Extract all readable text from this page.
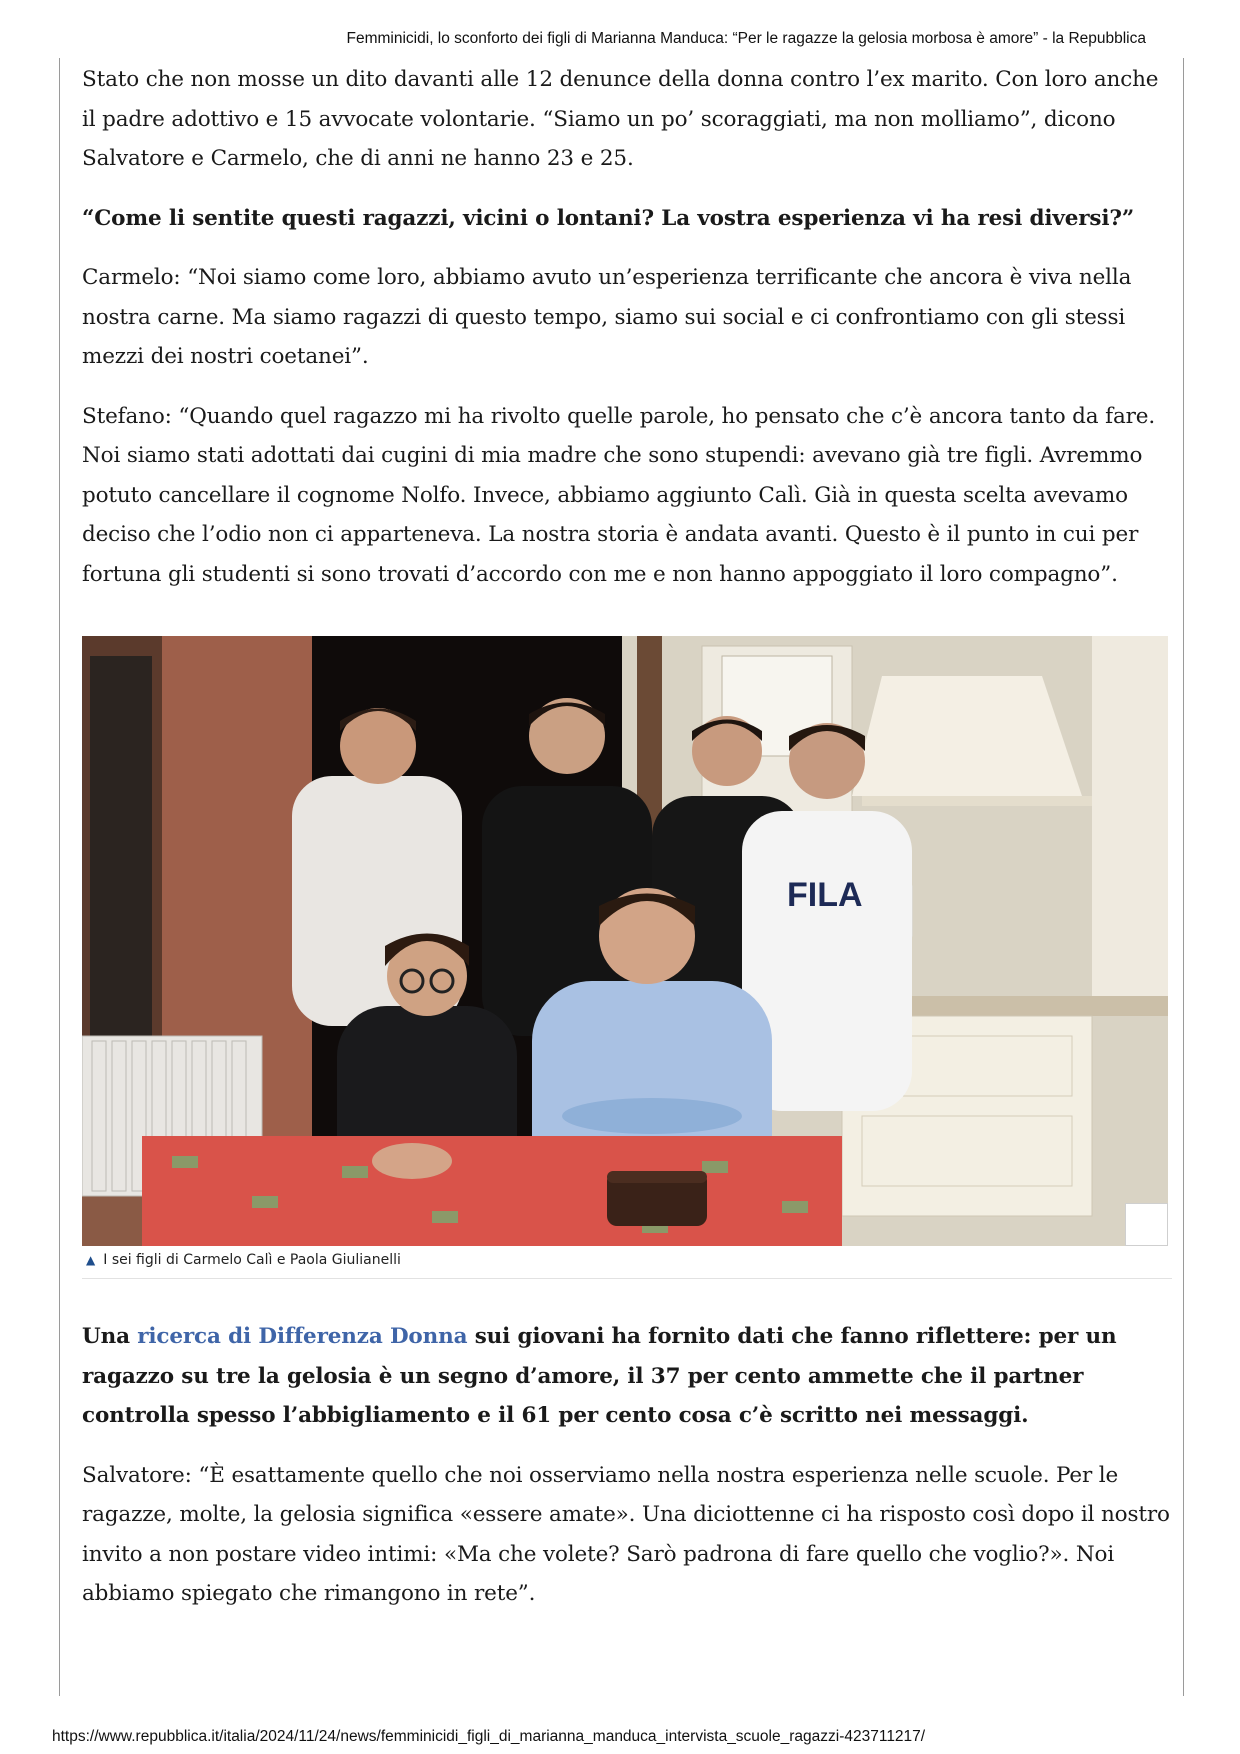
Femminicidi, lo sconforto dei figli di Marianna Manduca: “Per le ragazze la gelosia morbosa è amore” - la Repubblica

Stato che non mosse un dito davanti alle 12 denunce della donna contro l’ex marito. Con loro anche il padre adottivo e 15 avvocate volontarie. “Siamo un po’ scoraggiati, ma non molliamo”, dicono Salvatore e Carmelo, che di anni ne hanno 23 e 25.

“Come li sentite questi ragazzi, vicini o lontani? La vostra esperienza vi ha resi diversi?”

Carmelo: “Noi siamo come loro, abbiamo avuto un’esperienza terrificante che ancora è viva nella nostra carne. Ma siamo ragazzi di questo tempo, siamo sui social e ci confrontiamo con gli stessi mezzi dei nostri coetanei”.

Stefano: “Quando quel ragazzo mi ha rivolto quelle parole, ho pensato che c’è ancora tanto da fare. Noi siamo stati adottati dai cugini di mia madre che sono stupendi: avevano già tre figli. Avremmo potuto cancellare il cognome Nolfo. Invece, abbiamo aggiunto Calì. Già in questa scelta avevamo deciso che l’odio non ci apparteneva. La nostra storia è andata avanti. Questo è il punto in cui per fortuna gli studenti si sono trovati d’accordo con me e non hanno appoggiato il loro compagno”.

FILA
▲ I sei figli di Carmelo Calì e Paola Giulianelli

Una ricerca di Differenza Donna sui giovani ha fornito dati che fanno riflettere: per un ragazzo su tre la gelosia è un segno d’amore, il 37 per cento ammette che il partner controlla spesso l’abbigliamento e il 61 per cento cosa c’è scritto nei messaggi.

Salvatore: “È esattamente quello che noi osserviamo nella nostra esperienza nelle scuole. Per le ragazze, molte, la gelosia significa «essere amate». Una diciottenne ci ha risposto così dopo il nostro invito a non postare video intimi: «Ma che volete? Sarò padrona di fare quello che voglio?». Noi abbiamo spiegato che rimangono in rete”.

https://www.repubblica.it/italia/2024/11/24/news/femminicidi_figli_di_marianna_manduca_intervista_scuole_ragazzi-423711217/
